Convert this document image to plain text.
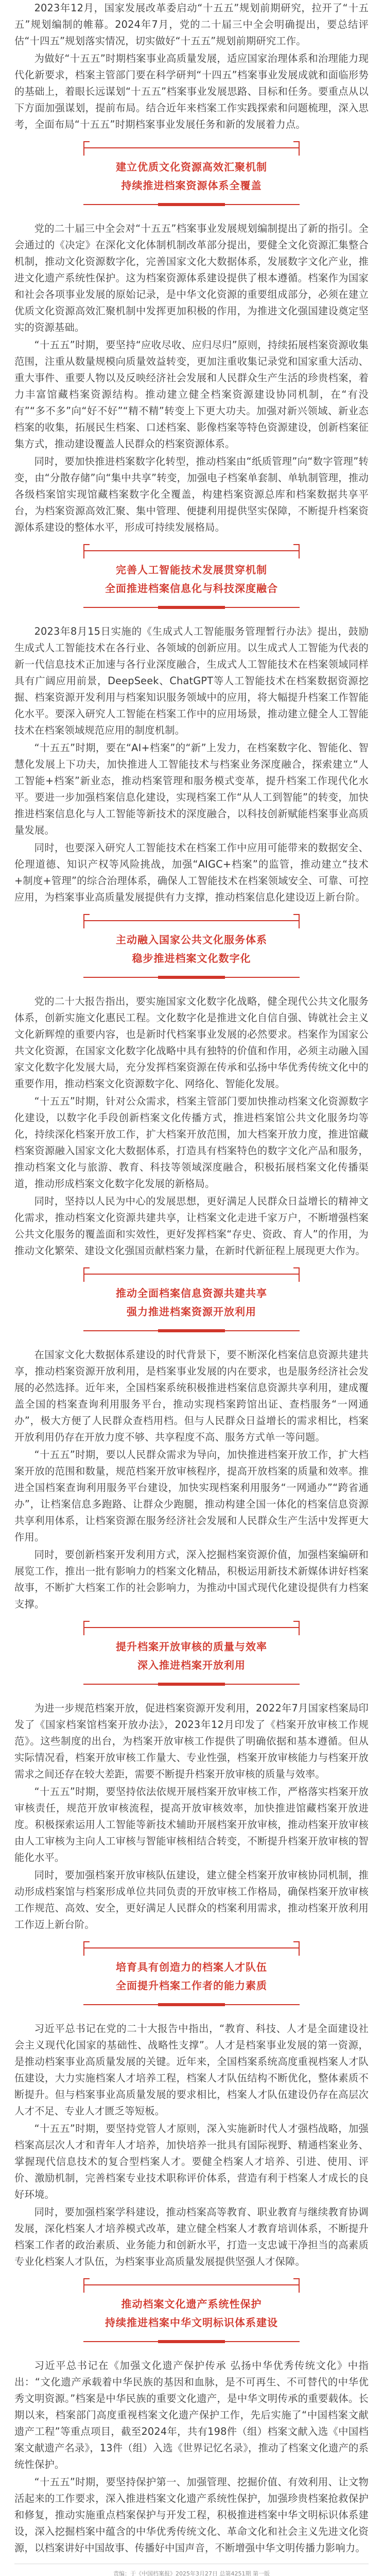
2023年12月，国家发展改革委启动“十五五”规划前期研究，拉开了“十五五”规划编制的帷幕。2024年7月，党的二十届三中全会明确提出，要总结评估“十四五”规划落实情况，切实做好“十五五”规划前期研究工作。

为做好“十五五”时期档案事业高质量发展，适应国家治理体系和治理能力现代化新要求，档案主管部门要在科学研判“十四五”档案事业发展成就和面临形势的基础上，着眼长远谋划“十五五”档案事业发展思路、目标和任务。要重点从以下方面加强谋划，提前布局。结合近年来档案工作实践探索和问题梳理，深入思考，全面布局“十五五”时期档案事业发展任务和新的发展着力点。

建立优质文化资源高效汇聚机制
持续推进档案资源体系全覆盖

党的二十届三中全会对“十五五”档案事业发展规划编制提出了新的指引。全会通过的《决定》在深化文化体制机制改革部分提出，要健全文化资源汇集整合机制，推动文化资源数字化，完善国家文化大数据体系，发展数字文化产业，推进文化遗产系统性保护。这为档案资源体系建设提供了根本遵循。档案作为国家和社会各项事业发展的原始记录，是中华文化资源的重要组成部分，必须在建立优质文化资源高效汇聚机制中发挥更加积极的作用，为推进文化强国建设奠定坚实的资源基础。

“十五五”时期，要坚持“应收尽收、应归尽归”原则，持续拓展档案资源收集范围，注重从数量规模向质量效益转变，更加注重收集记录党和国家重大活动、重大事件、重要人物以及反映经济社会发展和人民群众生产生活的珍贵档案，着力丰富馆藏档案资源结构。推动建立健全档案资源建设协同机制，在“有没有”“多不多”向“好不好”“精不精”转变上下更大功夫。加强对新兴领域、新业态档案的收集，拓展民生档案、口述档案、影像档案等特色资源建设，创新档案征集方式，推动建设覆盖人民群众的档案资源体系。

同时，要加快推进档案数字化转型，推动档案由“纸质管理”向“数字管理”转变，由“分散存储”向“集中共享”转变，加强电子档案单套制、单轨制管理，推动各级档案馆实现馆藏档案数字化全覆盖，构建档案资源总库和档案数据共享平台，为档案资源高效汇聚、集中管理、便捷利用提供坚实保障，不断提升档案资源体系建设的整体水平，形成可持续发展格局。

完善人工智能技术发展贯穿机制
全面推进档案信息化与科技深度融合

2023年8月15日实施的《生成式人工智能服务管理暂行办法》提出，鼓励生成式人工智能技术在各行业、各领域的创新应用。以生成式人工智能为代表的新一代信息技术正加速与各行业深度融合，生成式人工智能技术在档案领域同样具有广阔应用前景，DeepSeek、ChatGPT等人工智能技术在档案数据资源挖掘、档案资源开发利用与档案知识服务领域中的应用，将大幅提升档案工作智能化水平。要深入研究人工智能在档案工作中的应用场景，推动建立健全人工智能技术在档案领域规范应用的制度机制。

“十五五”时期，要在“AI+档案”的“新”上发力，在档案数字化、智能化、智慧化发展上下功夫，加快推进人工智能技术与档案业务深度融合，探索建立“人工智能+档案”新业态，推动档案管理和服务模式变革，提升档案工作现代化水平。要进一步加强档案信息化建设，实现档案工作“从人工到智能”的转变，加快推进档案信息化与人工智能等新技术的深度融合，以科技创新赋能档案事业高质量发展。

同时，也要深入研究人工智能技术在档案工作中应用可能带来的数据安全、伦理道德、知识产权等风险挑战，加强“AIGC+档案”的监管，推动建立“技术+制度+管理”的综合治理体系，确保人工智能技术在档案领域安全、可靠、可控应用，为档案事业高质量发展提供有力支撑，推动档案信息化建设迈上新台阶。

主动融入国家公共文化服务体系
稳步推进档案文化数字化

党的二十大报告指出，要实施国家文化数字化战略，健全现代公共文化服务体系，创新实施文化惠民工程。文化数字化是推进文化自信自强、铸就社会主义文化新辉煌的重要内容，也是新时代档案事业发展的必然要求。档案作为国家公共文化资源，在国家文化数字化战略中具有独特的价值和作用，必须主动融入国家文化数字化发展大局，充分发挥档案资源在传承和弘扬中华优秀传统文化中的重要作用，推动档案文化资源数字化、网络化、智能化发展。

“十五五”时期，针对公众需求，档案主管部门要加快推动档案文化资源数字化建设，以数字化手段创新档案文化传播方式，推进档案馆公共文化服务均等化，持续深化档案开放工作，扩大档案开放范围，加大档案开放力度，推进馆藏档案资源融入国家文化大数据体系，打造具有档案特色的数字文化产品和服务，推动档案文化与旅游、教育、科技等领域深度融合，积极拓展档案文化传播渠道，推动形成档案文化数字化发展的新格局。

同时，坚持以人民为中心的发展思想，更好满足人民群众日益增长的精神文化需求，推动档案文化资源共建共享，让档案文化走进千家万户，不断增强档案公共文化服务的覆盖面和实效性，更好发挥档案“存史、资政、育人”的作用，为推动文化繁荣、建设文化强国贡献档案力量，在新时代新征程上展现更大作为。

推动全面档案信息资源共建共享
强力推进档案资源开放利用

在国家文化大数据体系建设的时代背景下，要不断深化档案信息资源共建共享，推动档案资源开放利用，是档案事业发展的内在要求，也是服务经济社会发展的必然选择。近年来，全国档案系统积极推进档案信息资源共享利用，建成覆盖全国的档案查询利用服务平台，推动实现档案跨馆出证、查档服务“一网通办”，极大方便了人民群众查档用档。但与人民群众日益增长的需求相比，档案开放利用仍存在开放力度不够、共享程度不高、服务方式单一等问题。

“十五五”时期，要以人民群众需求为导向，加快推进档案开放工作，扩大档案开放的范围和数量，规范档案开放审核程序，提高开放档案的质量和效率。推进全国档案查询利用服务平台建设，加快实现档案利用服务“一网通办”“跨省通办”，让档案信息多跑路、让群众少跑腿，推动构建全国一体化的档案信息资源共享利用体系，让档案资源在服务经济社会发展和人民群众生产生活中发挥更大作用。

同时，要创新档案开发利用方式，深入挖掘档案资源价值，加强档案编研和展览工作，推出一批有影响力的档案文化精品，积极运用新技术新媒体讲好档案故事，不断扩大档案工作的社会影响力，为推动中国式现代化建设提供有力档案支撑。

提升档案开放审核的质量与效率
深入推进档案开放利用

为进一步规范档案开放，促进档案资源开发利用，2022年7月国家档案局印发了《国家档案馆档案开放办法》，2023年12月印发了《档案开放审核工作规范》。这些制度的出台，为档案开放审核工作提供了明确依据和基本遵循。但从实际情况看，档案开放审核工作量大、专业性强，档案开放审核能力与档案开放需求之间还存在较大差距，需要不断提升档案开放审核的质量与效率。

“十五五”时期，要坚持依法依规开展档案开放审核工作，严格落实档案开放审核责任，规范开放审核流程，提高开放审核效率，加快推进馆藏档案开放进度。积极探索运用人工智能等新技术辅助开展档案开放审核，推动档案开放审核由人工审核为主向人工审核与智能审核相结合转变，不断提升档案开放审核的智能化水平。

同时，要加强档案开放审核队伍建设，建立健全档案开放审核协同机制，推动形成档案馆与档案形成单位共同负责的开放审核工作格局，确保档案开放审核工作规范、高效、安全，更好满足人民群众的档案利用需求，推动档案开放利用工作迈上新台阶。

培育具有创造力的档案人才队伍
全面提升档案工作者的能力素质

习近平总书记在党的二十大报告中指出，“教育、科技、人才是全面建设社会主义现代化国家的基础性、战略性支撑”。人才是档案事业发展的第一资源，是推动档案事业高质量发展的关键。近年来，全国档案系统高度重视档案人才队伍建设，大力实施档案人才培养工程，档案人才队伍结构不断优化，整体素质不断提升。但与档案事业高质量发展的要求相比，档案人才队伍建设仍存在高层次人才不足、专业人才匮乏等短板。

“十五五”时期，要坚持党管人才原则，深入实施新时代人才强档战略，加强档案高层次人才和青年人才培养，加快培养一批具有国际视野、精通档案业务、掌握现代信息技术的复合型档案人才。要健全档案人才培养、引进、使用、评价、激励机制，完善档案专业技术职称评价体系，营造有利于档案人才成长的良好环境。

同时，要加强档案学科建设，推动档案高等教育、职业教育与继续教育协调发展，深化档案人才培养模式改革，建立健全档案人才教育培训体系，不断提升档案工作者的政治素质、业务能力和创新水平，打造一支忠诚干净担当的高素质专业化档案人才队伍，为档案事业高质量发展提供坚强人才保障。

推动档案文化遗产系统性保护
持续推进档案中华文明标识体系建设

习近平总书记在《加强文化遗产保护传承 弘扬中华优秀传统文化》中指出：“文化遗产承载着中华民族的基因和血脉，是不可再生、不可替代的中华优秀文明资源。”档案是中华民族的重要文化遗产，是中华文明传承的重要载体。长期以来，档案部门高度重视档案文化遗产保护工作，先后实施了“中国档案文献遗产工程”等重点项目，截至2024年，共有198件（组）档案文献入选《中国档案文献遗产名录》，13件（组）入选《世界记忆名录》，推动了档案文化遗产的系统性保护。

“十五五”时期，要坚持保护第一、加强管理、挖掘价值、有效利用、让文物活起来的工作要求，深入推进档案文化遗产系统性保护，加强珍贵档案抢救保护和修复，推动实施重点档案保护与开发工程，积极推进档案中华文明标识体系建设，深入挖掘档案中蕴含的中华优秀传统文化、革命文化和社会主义先进文化资源，以档案讲好中国故事、传播好中国声音，不断增强中华文明传播力影响力。

责编：于《中国档案报》2025年3月27日 总第4251期 第一版
